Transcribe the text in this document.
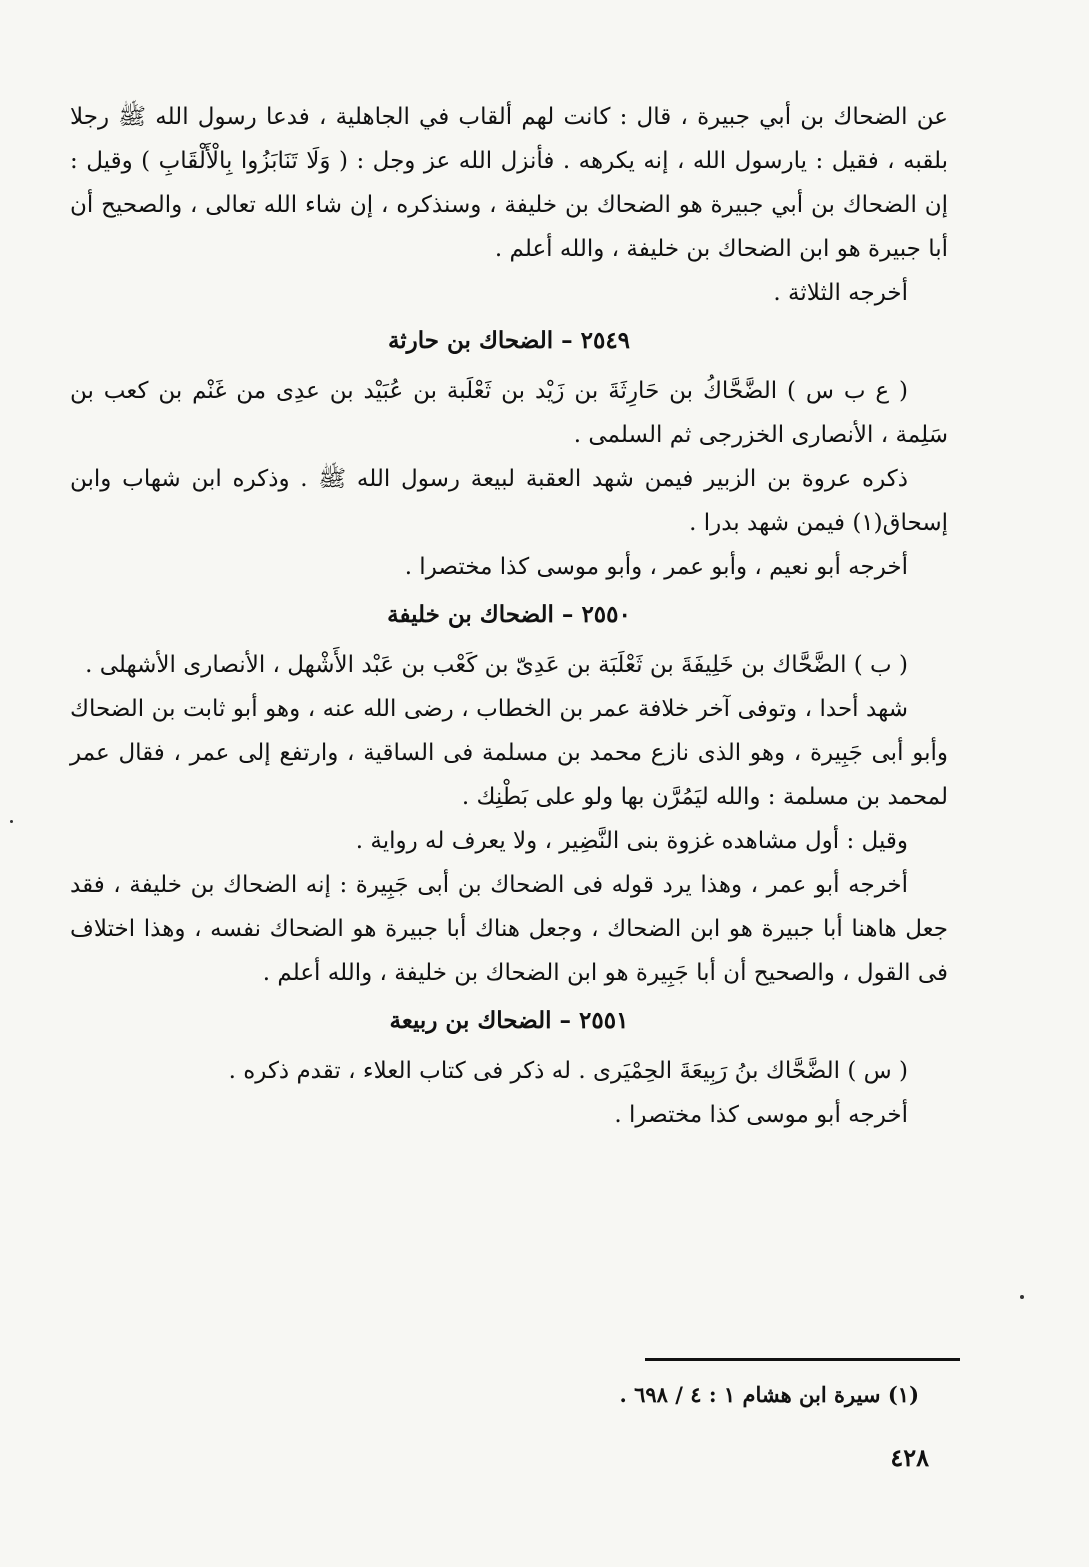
عن الضحاك بن أبي جبيرة ، قال : كانت لهم ألقاب في الجاهلية ، فدعا رسول الله ﷺ رجلا بلقبه ، فقيل : يارسول الله ، إنه يكرهه . فأنزل الله عز وجل : ( وَلَا تَنَابَزُوا بِالْأَلْقَابِ ) وقيل : إن الضحاك بن أبي جبيرة هو الضحاك بن خليفة ، وسنذكره ، إن شاء الله تعالى ، والصحيح أن أبا جبيرة هو ابن الضحاك بن خليفة ، والله أعلم .

أخرجه الثلاثة .

٢٥٤٩ – الضحاك بن حارثة

( ع ب س ) الضَّحَّاكُ بن حَارِثَةَ بن زَيْد بن ثَعْلَبة بن عُبَيْد بن عدِى من غَنْم بن كعب بن سَلِمة ، الأنصارى الخزرجى ثم السلمى .

ذكره عروة بن الزبير فيمن شهد العقبة لبيعة رسول الله ﷺ . وذكره ابن شهاب وابن إسحاق(١) فيمن شهد بدرا .

أخرجه أبو نعيم ، وأبو عمر ، وأبو موسى كذا مختصرا .

٢٥٥٠ – الضحاك بن خليفة

( ب ) الضَّحَّاك بن خَلِيفَةَ بن ثَعْلَبَة بن عَدِىّ بن كَعْب بن عَبْد الأَشْهل ، الأنصارى الأشهلى .

شهد أحدا ، وتوفى آخر خلافة عمر بن الخطاب ، رضى الله عنه ، وهو أبو ثابت بن الضحاك وأبو أبى جَبِيرة ، وهو الذى نازع محمد بن مسلمة فى الساقية ، وارتفع إلى عمر ، فقال عمر لمحمد بن مسلمة : والله ليَمُرَّن بها ولو على بَطْنِك .

وقيل : أول مشاهده غزوة بنى النَّضِير ، ولا يعرف له رواية .

أخرجه أبو عمر ، وهذا يرد قوله فى الضحاك بن أبى جَبِيرة : إنه الضحاك بن خليفة ، فقد جعل هاهنا أبا جبيرة هو ابن الضحاك ، وجعل هناك أبا جبيرة هو الضحاك نفسه ، وهذا اختلاف فى القول ، والصحيح أن أبا جَبِيرة هو ابن الضحاك بن خليفة ، والله أعلم .

٢٥٥١ – الضحاك بن ربيعة

( س ) الضَّحَّاك بنُ رَبِيعَةَ الحِمْيَرى . له ذكر فى كتاب العلاء ، تقدم ذكره .

أخرجه أبو موسى كذا مختصرا .

(١) سيرة ابن هشام ١ : ٤ / ٦٩٨ .
٤٢٨
